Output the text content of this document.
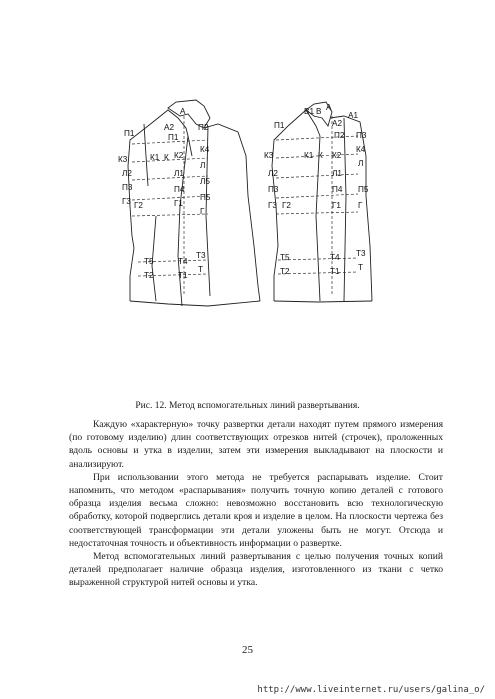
П1
А
А2	П2
П1
К3	К1 К К2
К4
Л
Л2	Л1
Л5
П3	П4
П5
Г3 Г2	Г1
Г
Т5	Т4
Т3
Т2	Т1
Т
В1 В А
А1
П1	А2
П3
П2
К4
К3	К1 К К2
Л
Л2	Л1
П3	П4 П5
Г3 Г2	Г1 Г
Т5	Т4 Т3
Т2	Т1 Т
Рис. 12. Метод вспомогательных линий развертывания.

Каждую «характерную» точку развертки детали находят путем прямого измерения (по готовому изделию) длин соответствующих отрезков нитей (строчек), проложенных вдоль основы и утка в изделии, затем эти измерения выкладывают на плоскости и анализируют.

При использовании этого метода не требуется распарывать изделие. Стоит напомнить, что методом «распарывания» получить точную копию деталей с готового образца изделия весьма сложно: невозможно восстановить всю технологическую обработку, которой подверглись детали кроя и изделие в целом. На плоскости чертежа без соответствующей трансформации эти детали уложены быть не могут. Отсюда и недостаточная точность и объективность информации о развертке.

Метод вспомогательных линий развертывания с целью получения точных копий деталей предполагает наличие образца изделия, изготовленного из ткани с четко выраженной структурой нитей основы и утка.

25
http://www.liveinternet.ru/users/galina_o/
